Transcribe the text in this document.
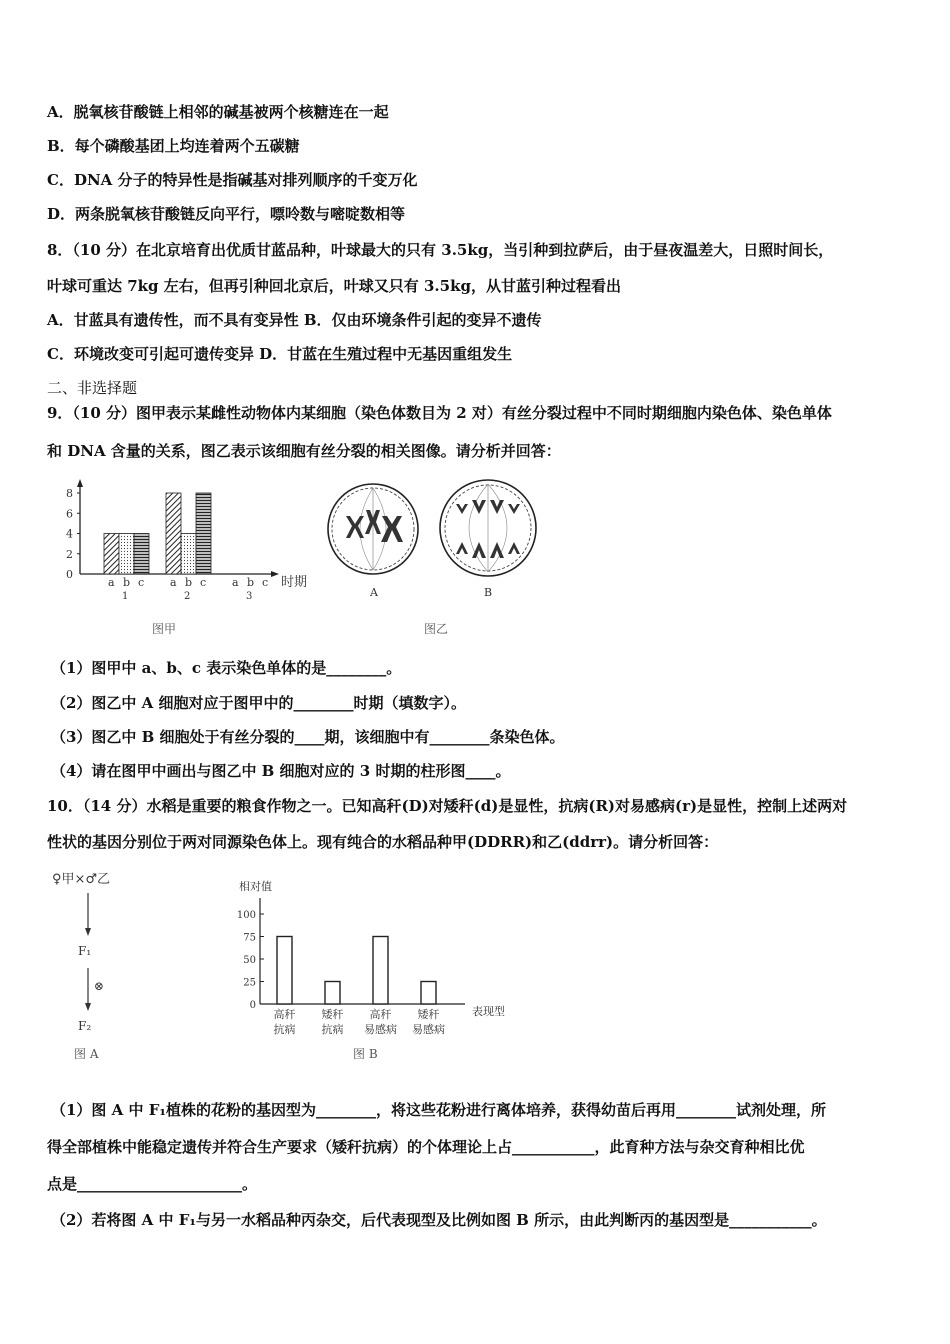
A．脱氧核苷酸链上相邻的碱基被两个核糖连在一起
B．每个磷酸基团上均连着两个五碳糖
C．DNA 分子的特异性是指碱基对排列顺序的千变万化
D．两条脱氧核苷酸链反向平行，嘌呤数与嘧啶数相等
8．（10 分）在北京培育出优质甘蓝品种，叶球最大的只有 3.5kg，当引种到拉萨后，由于昼夜温差大，日照时间长，
叶球可重达 7kg 左右，但再引种回北京后，叶球又只有 3.5kg，从甘蓝引种过程看出
A．甘蓝具有遗传性，而不具有变异性 B．仅由环境条件引起的变异不遗传
C．环境改变可引起可遗传变异 D．甘蓝在生殖过程中无基因重组发生
二、非选择题
9．（10 分）图甲表示某雌性动物体内某细胞（染色体数目为 2 对）有丝分裂过程中不同时期细胞内染色体、染色单体
和 DNA 含量的关系，图乙表示该细胞有丝分裂的相关图像。请分析并回答：
0
2
4
6
8
a b c
1
a b c
2
a b c
3
时期
图甲
A	B
图乙
（1）图甲中 a、b、c 表示染色单体的是________。
（2）图乙中 A 细胞对应于图甲中的________时期（填数字）。
（3）图乙中 B 细胞处于有丝分裂的____期，该细胞中有________条染色体。
（4）请在图甲中画出与图乙中 B 细胞对应的 3 时期的柱形图____。
10．（14 分）水稻是重要的粮食作物之一。已知高秆(D)对矮秆(d)是显性，抗病(R)对易感病(r)是显性，控制上述两对
性状的基因分别位于两对同源染色体上。现有纯合的水稻品种甲(DDRR)和乙(ddrr)。请分析回答：
♀甲×♂乙
F₁
⊗
F₂
图 A
相对值
0
25
50
75
100
高秆
抗病
矮秆
抗病
高秆
易感病
矮秆
易感病
表现型
图 B
（1）图 A 中 F₁植株的花粉的基因型为________，将这些花粉进行离体培养，获得幼苗后再用________试剂处理，所
得全部植株中能稳定遗传并符合生产要求（矮秆抗病）的个体理论上占___________，此育种方法与杂交育种相比优
点是______________________。
（2）若将图 A 中 F₁与另一水稻品种丙杂交，后代表现型及比例如图 B 所示，由此判断丙的基因型是___________。
